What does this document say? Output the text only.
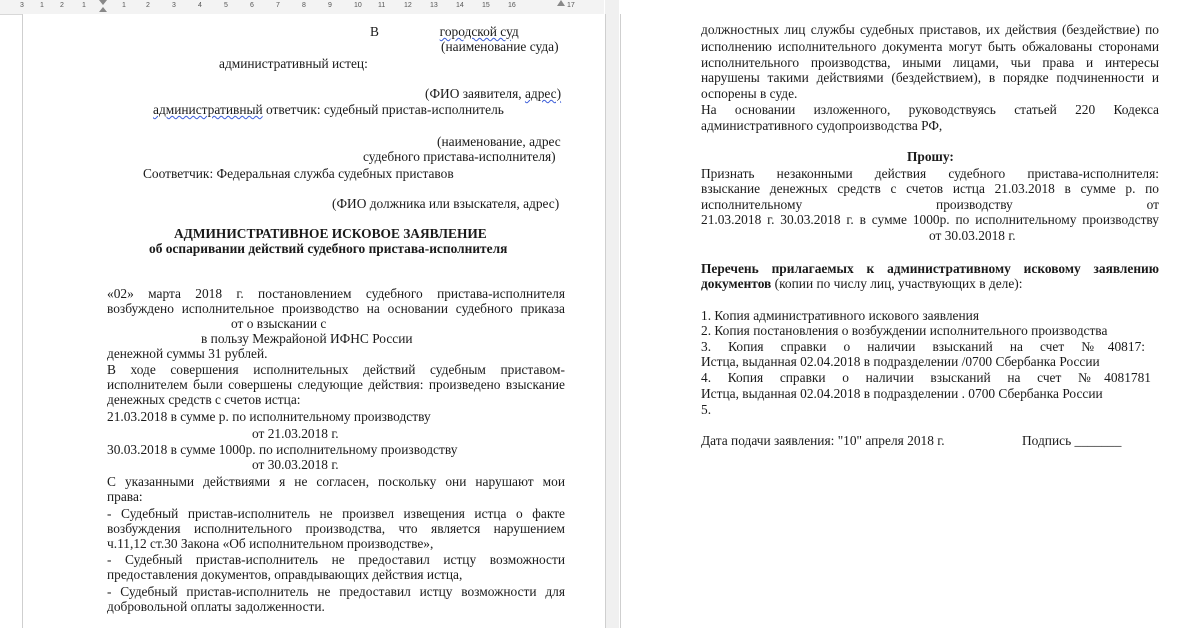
3 1 2	1	1	2	3	4	5	6	7	8	9	10 11	12	13	14	15	16	17
В	городской суд
(наименование суда)
административный истец:
(ФИО заявителя, адрес)
административный ответчик: судебный пристав-исполнитель
(наименование, адрес
судебного пристава-исполнителя)
Соответчик: Федеральная служба судебных приставов
(ФИО должника или взыскателя, адрес)
АДМИНИСТРАТИВНОЕ ИСКОВОЕ ЗАЯВЛЕНИЕ
об оспаривании действий судебного пристава-исполнителя
«02» марта 2018 г. постановлением судебного пристава-исполнителя
возбуждено исполнительное производство на основании судебного приказа
от о взыскании с
в пользу Межрайоной ИФНС России
денежной суммы 31 рублей.
В ходе совершения исполнительных действий судебным приставом-
исполнителем были совершены следующие действия: произведено взыскание
денежных средств с счетов истца:
21.03.2018 в сумме р. по исполнительному производству
от 21.03.2018 г.
30.03.2018 в сумме 1000р. по исполнительному производству
от 30.03.2018 г.
С указанными действиями я не согласен, поскольку они нарушают мои
права:
- Судебный пристав-исполнитель не произвел извещения истца о факте
возбуждения исполнительного производства, что является нарушением
ч.11,12 ст.30 Закона «Об исполнительном производстве»,
- Судебный пристав-исполнитель не предоставил истцу возможности
предоставления документов, оправдывающих действия истца,
- Судебный пристав-исполнитель не предоставил истцу возможности для
добровольной оплаты задолженности.
должностных лиц службы судебных приставов, их действия (бездействие) по
исполнению исполнительного документа могут быть обжалованы сторонами
исполнительного производства, иными лицами, чьи права и интересы
нарушены такими действиями (бездействием), в порядке подчиненности и
оспорены в суде.
На основании изложенного, руководствуясь статьей 220 Кодекса
административного судопроизводства РФ,
Прошу:
Признать незаконными действия судебного пристава-исполнителя:
взыскание денежных средств с счетов истца 21.03.2018 в сумме р. по
исполнительному производству от
21.03.2018 г. 30.03.2018 г. в сумме 1000р. по исполнительному производству
от 30.03.2018 г.
Перечень прилагаемых к административному исковому заявлению
документов (копии по числу лиц, участвующих в деле):
1. Копия административного искового заявления
2. Копия постановления о возбуждении исполнительного производства
3. Копия справки о наличии взысканий на счет №40817:
Истца, выданная 02.04.2018 в подразделении /0700 Сбербанка России
4. Копия справки о наличии взысканий на счет №4081781
Истца, выданная 02.04.2018 в подразделении . 0700 Сбербанка России
5.
Дата подачи заявления: "10" апреля 2018 г.	Подпись _______
